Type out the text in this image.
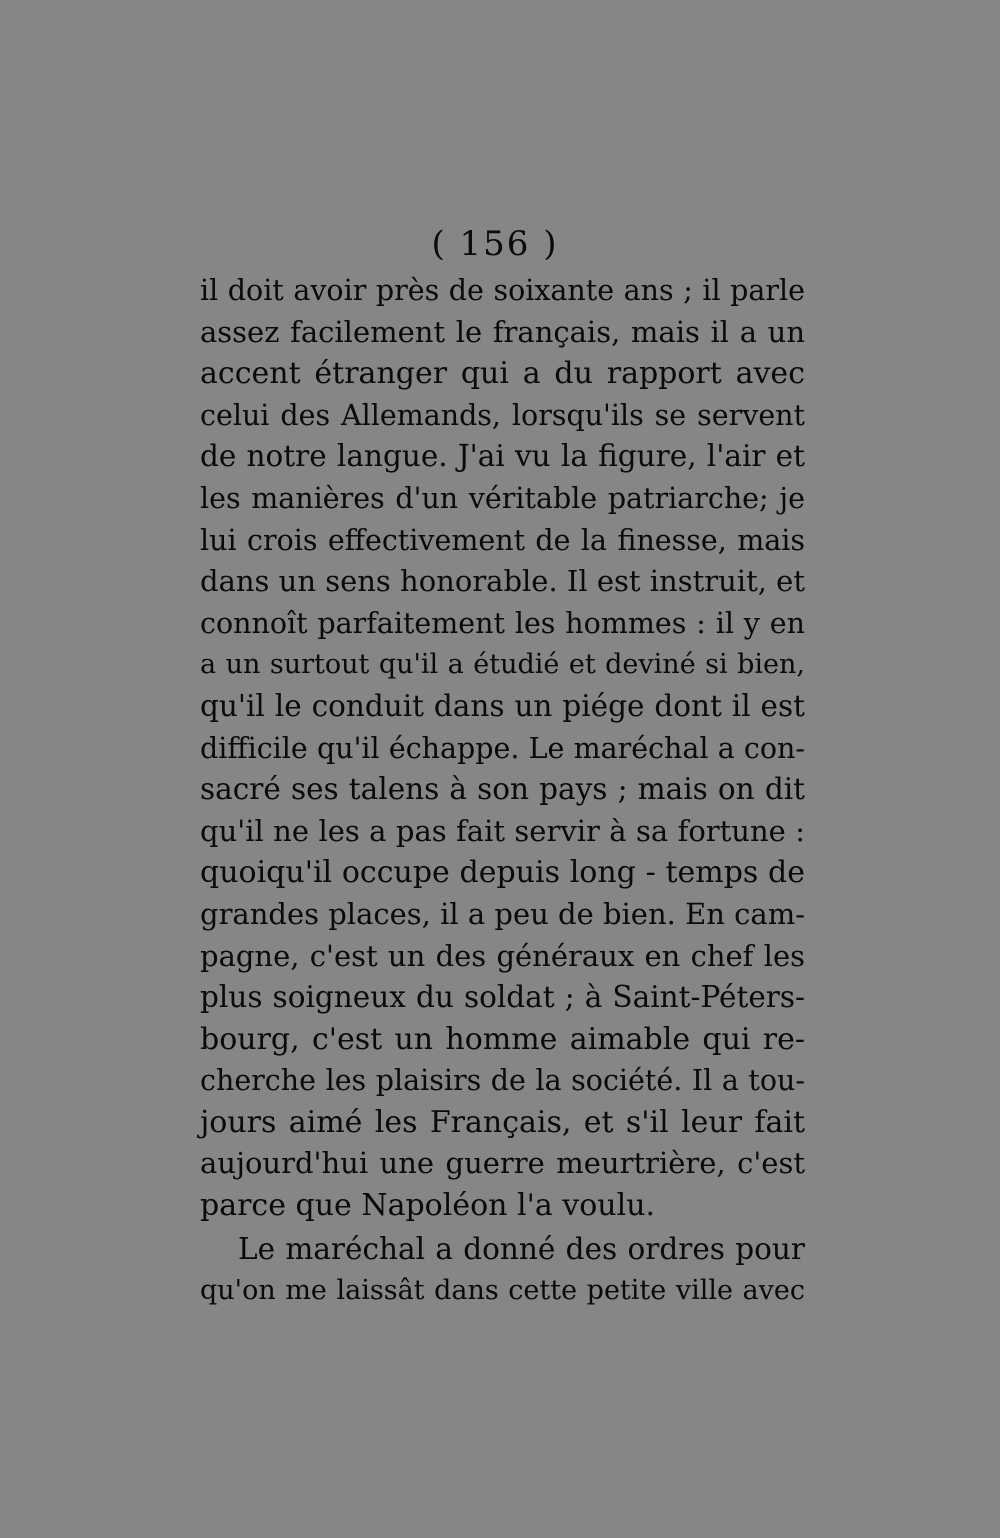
( 156 )
il doit avoir près de soixante ans ; il parle
assez facilement le français, mais il a un
accent étranger qui a du rapport avec
celui des Allemands, lorsqu'ils se servent
de notre langue. J'ai vu la figure, l'air et
les manières d'un véritable patriarche; je
lui crois effectivement de la finesse, mais
dans un sens honorable. Il est instruit, et
connoît parfaitement les hommes : il y en
a un surtout qu'il a étudié et deviné si bien,
qu'il le conduit dans un piége dont il est
difficile qu'il échappe. Le maréchal a con-
sacré ses talens à son pays ; mais on dit
qu'il ne les a pas fait servir à sa fortune :
quoiqu'il occupe depuis long - temps de
grandes places, il a peu de bien. En cam-
pagne, c'est un des généraux en chef les
plus soigneux du soldat ; à Saint-Péters-
bourg, c'est un homme aimable qui re-
cherche les plaisirs de la société. Il a tou-
jours aimé les Français, et s'il leur fait
aujourd'hui une guerre meurtrière, c'est
parce que Napoléon l'a voulu.
Le maréchal a donné des ordres pour
qu'on me laissât dans cette petite ville avec
